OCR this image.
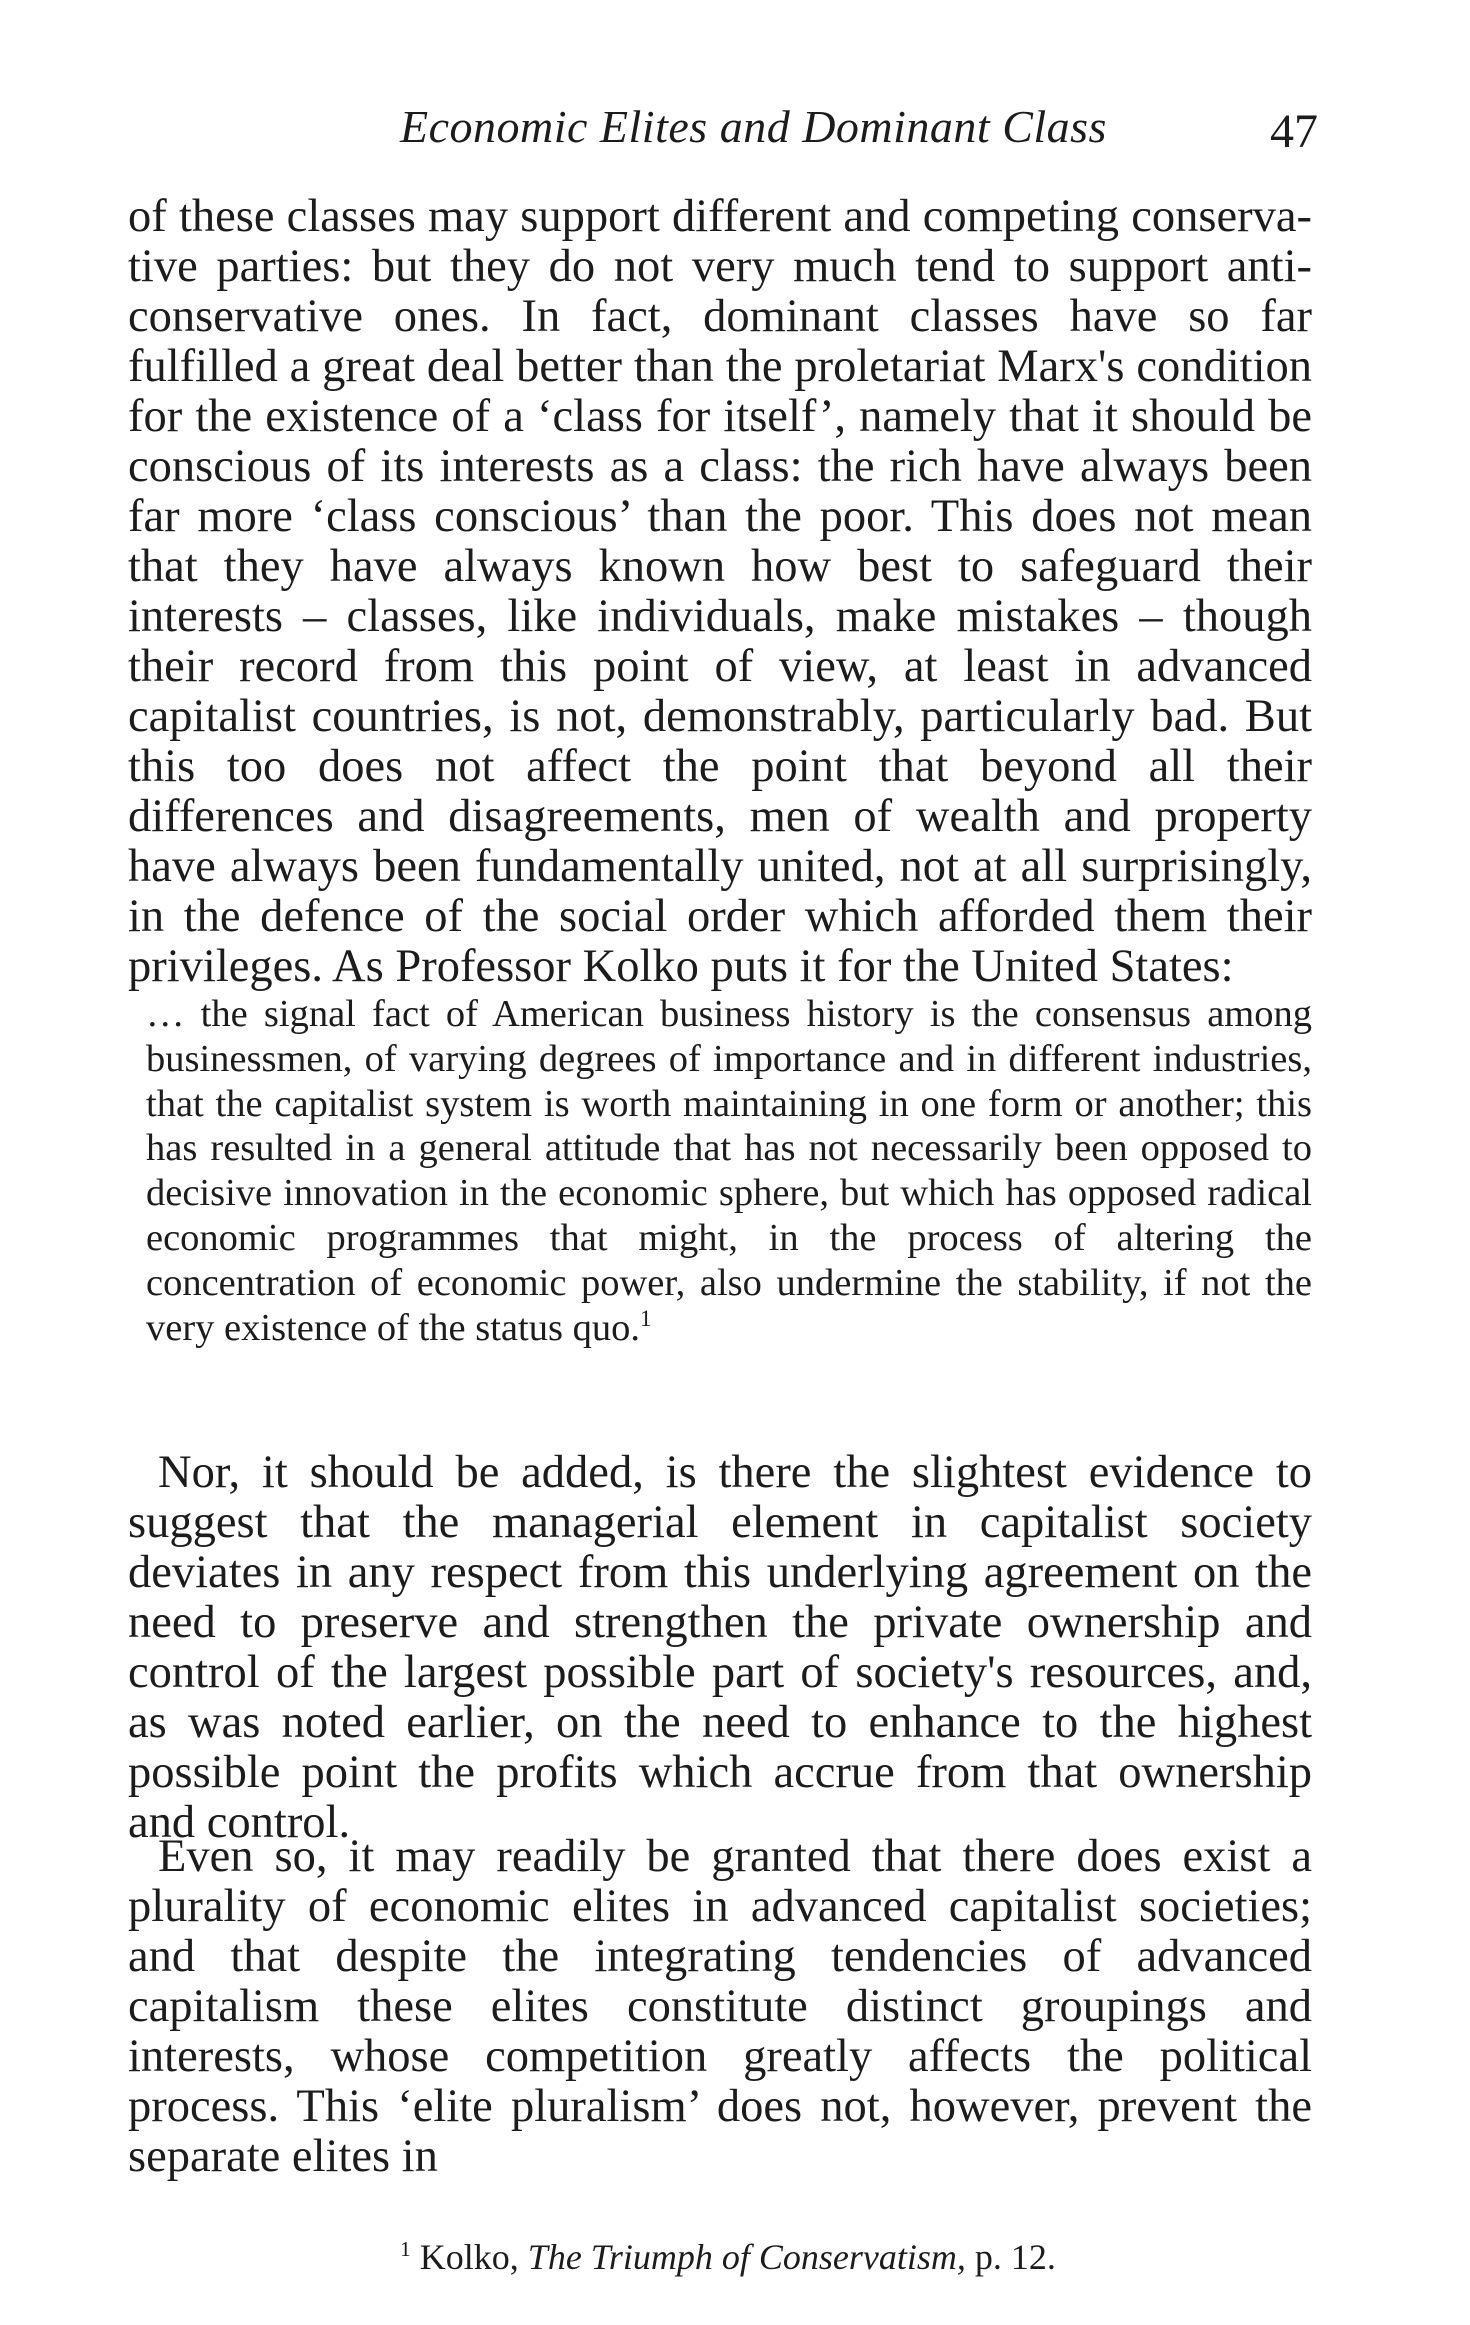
Economic Elites and Dominant Class	47

of these classes may support different and competing conservative parties: but they do not very much tend to support anticonservative ones. In fact, dominant classes have so far fulfilled a great deal better than the proletariat Marx's condition for the existence of a ‘class for itself’, namely that it should be conscious of its interests as a class: the rich have always been far more ‘class conscious’ than the poor. This does not mean that they have always known how best to safeguard their interests – classes, like individuals, make mistakes – though their record from this point of view, at least in advanced capitalist countries, is not, demonstrably, particularly bad. But this too does not affect the point that beyond all their differences and disagreements, men of wealth and property have always been fundamentally united, not at all surprisingly, in the defence of the social order which afforded them their privileges. As Professor Kolko puts it for the United States:

… the signal fact of American business history is the consensus among businessmen, of varying degrees of importance and in different industries, that the capitalist system is worth maintaining in one form or another; this has resulted in a general attitude that has not necessarily been opposed to decisive innovation in the economic sphere, but which has opposed radical economic programmes that might, in the process of altering the concentration of economic power, also undermine the stability, if not the very existence of the status quo.$^1$

Nor, it should be added, is there the slightest evidence to suggest that the managerial element in capitalist society deviates in any respect from this underlying agreement on the need to preserve and strengthen the private ownership and control of the largest possible part of society's resources, and, as was noted earlier, on the need to enhance to the highest possible point the profits which accrue from that ownership and control.

Even so, it may readily be granted that there does exist a plurality of economic elites in advanced capitalist societies; and that despite the integrating tendencies of advanced capitalism these elites constitute distinct groupings and interests, whose competition greatly affects the political process. This ‘elite pluralism’ does not, however, prevent the separate elites in

$^1$ Kolko, The Triumph of Conservatism, p. 12.
